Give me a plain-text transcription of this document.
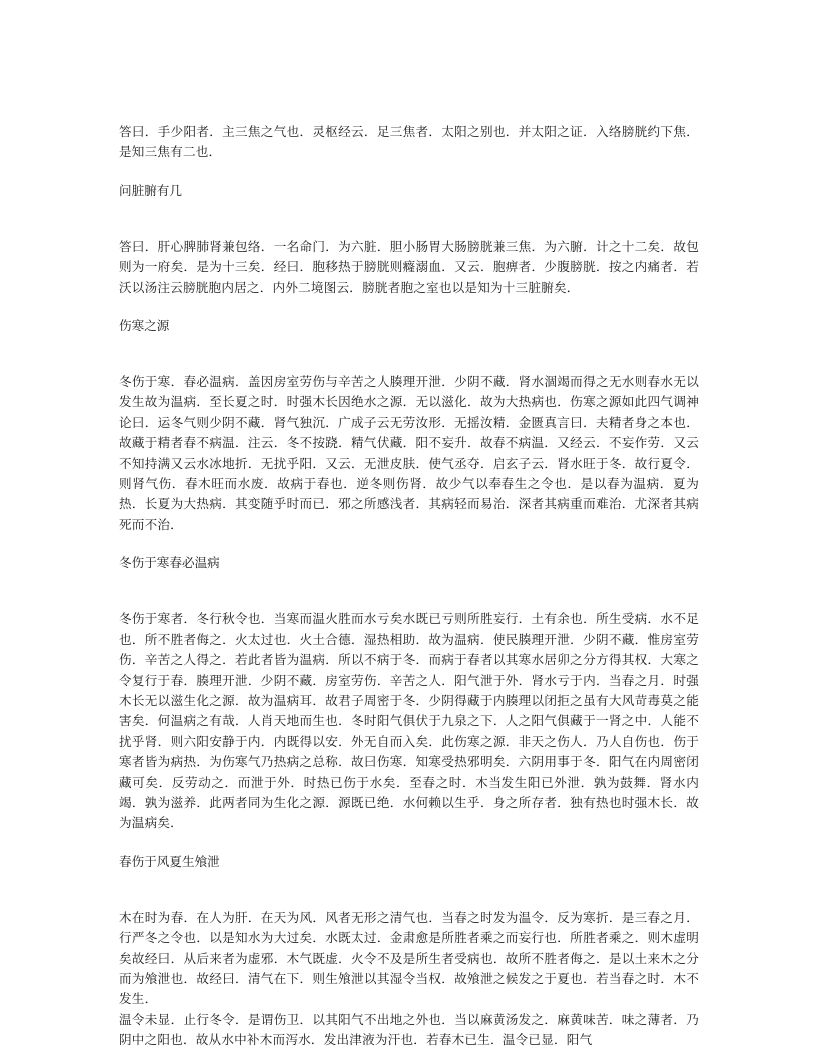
答曰．手少阳者．主三焦之气也．灵枢经云．足三焦者．太阳之别也．并太阳之证．入络膀胱约下焦．是知三焦有二也．

问脏腑有几

答曰．肝心脾肺肾兼包络．一名命门．为六脏．胆小肠胃大肠膀胱兼三焦．为六腑．计之十二矣．故包则为一府矣．是为十三矣．经曰．胞移热于膀胱则癃溺血．又云．胞痹者．少腹膀胱．按之内痛者．若沃以汤注云膀胱胞内居之．内外二境图云．膀胱者胞之室也以是知为十三脏腑矣．

伤寒之源

冬伤于寒．春必温病．盖因房室劳伤与辛苦之人腠理开泄．少阴不藏．肾水涸竭而得之无水则春水无以发生故为温病．至长夏之时．时强木长因绝水之源．无以滋化．故为大热病也．伤寒之源如此四气调神论曰．运冬气则少阴不藏．肾气独沉．广成子云无劳汝形．无摇汝精．金匮真言曰．夫精者身之本也．故藏于精者春不病温．注云．冬不按跷．精气伏藏．阳不妄升．故春不病温．又经云．不妄作劳．又云不知持满又云水冰地折．无扰乎阳．又云．无泄皮肤．使气丞夺．启玄子云．肾水旺于冬．故行夏令．则肾气伤．春木旺而水废．故病于春也．逆冬则伤肾．故少气以奉春生之令也．是以春为温病．夏为热．长夏为大热病．其变随乎时而已．邪之所感浅者．其病轻而易治．深者其病重而难治．尤深者其病死而不治．

冬伤于寒春必温病

冬伤于寒者．冬行秋令也．当寒而温火胜而水亏矣水既已亏则所胜妄行．土有余也．所生受病．水不足也．所不胜者侮之．火太过也．火土合德．湿热相助．故为温病．使民腠理开泄．少阴不藏．惟房室劳伤．辛苦之人得之．若此者皆为温病．所以不病于冬．而病于春者以其寒水居卯之分方得其权．大寒之令复行于春．腠理开泄．少阴不藏．房室劳伤．辛苦之人．阳气泄于外．肾水亏于内．当春之月．时强木长无以滋生化之源．故为温病耳．故君子周密于冬．少阴得藏于内腠理以闭拒之虽有大风苛毒莫之能害矣．何温病之有哉．人肖天地而生也．冬时阳气俱伏于九泉之下．人之阳气俱藏于一肾之中．人能不扰乎肾．则六阳安静于内．内既得以安．外无自而入矣．此伤寒之源．非天之伤人．乃人自伤也．伤于寒者皆为病热．为伤寒气乃热病之总称．故曰伤寒．知寒受热邪明矣．六阴用事于冬．阳气在内周密闭藏可矣．反劳动之．而泄于外．时热已伤于水矣．至春之时．木当发生阳已外泄．孰为鼓舞．肾水内竭．孰为滋养．此两者同为生化之源．源既已绝．水何赖以生乎．身之所存者．独有热也时强木长．故为温病矣．

春伤于风夏生飧泄

木在时为春．在人为肝．在天为风．风者无形之清气也．当春之时发为温令．反为寒折．是三春之月．行严冬之令也．以是知水为大过矣．水既太过．金肃愈是所胜者乘之而妄行也．所胜者乘之．则木虚明矣故经曰．从后来者为虚邪．木气既虚．火令不及是所生者受病也．故所不胜者侮之．是以土来木之分 而为飧泄也．故经曰．清气在下．则生飧泄以其湿令当权．故飧泄之候发之于夏也．若当春之时．木不发生．

温令未显．止行冬令．是谓伤卫．以其阳气不出地之外也．当以麻黄汤发之．麻黄味苦．味之薄者．乃阴中之阳也．故从水中补木而泻水．发出津液为汗也．若春木已生．温令已显．阳气
